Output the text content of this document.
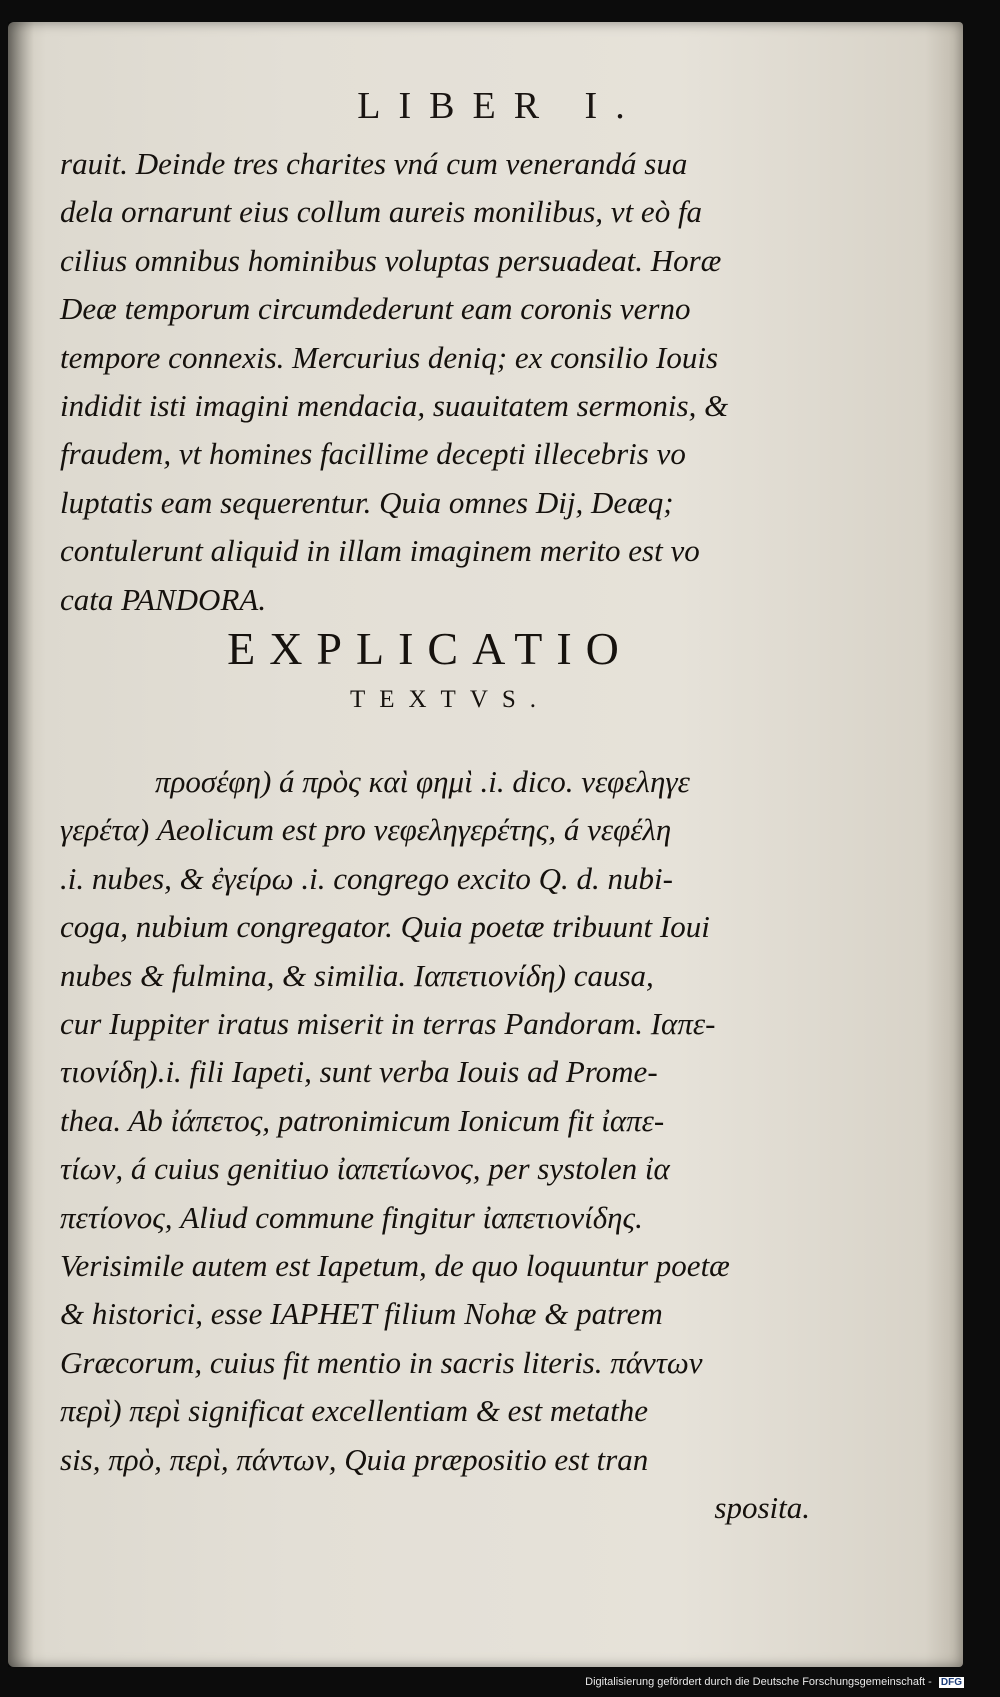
LIBER I.
rauit. Deinde tres charites vná cum venerandá sua
dela ornarunt eius collum aureis monilibus, vt eò fa
cilius omnibus hominibus voluptas persuadeat. Horæ
Deæ temporum circumdederunt eam coronis verno
tempore connexis. Mercurius deniq; ex consilio Iouis
indidit isti imagini mendacia, suauitatem sermonis, &
fraudem, vt homines facillime decepti illecebris vo
luptatis eam sequerentur. Quia omnes Dij, Deæq;
contulerunt aliquid in illam imaginem merito est vo
cata PANDORA.
EXPLICATIO
TEXTVS.
προσέφη) á πρὸς καὶ φημὶ .i. dico. νεφεληγε
γερέτα) Aeolicum est pro νεφεληγερέτης, á νεφέλη
.i. nubes, & ἐγείρω .i. congrego excito Q. d. nubi-
coga, nubium congregator. Quia poetæ tribuunt Ioui
nubes & fulmina, & similia. Ιαπετιονίδη) causa,
cur Iuppiter iratus miserit in terras Pandoram. Ιαπε-
τιονίδη).i. fili Iapeti, sunt verba Iouis ad Prome-
thea. Ab ἰάπετος, patronimicum Ionicum fit ἰαπε-
τίων, á cuius genitiuo ἰαπετίωνος, per systolen ἰα
πετίονος, Aliud commune fingitur ἰαπετιονίδης.
Verisimile autem est Iapetum, de quo loquuntur poetæ
& historici, esse IAPHET filium Nohæ & patrem
Græcorum, cuius fit mentio in sacris literis. πάντων
περὶ) περὶ significat excellentiam & est metathe
sis, πρὸ, περὶ, πάντων, Quia præpositio est tran
sposita.
Digitalisierung gefördert durch die Deutsche Forschungsgemeinschaft - DFG
